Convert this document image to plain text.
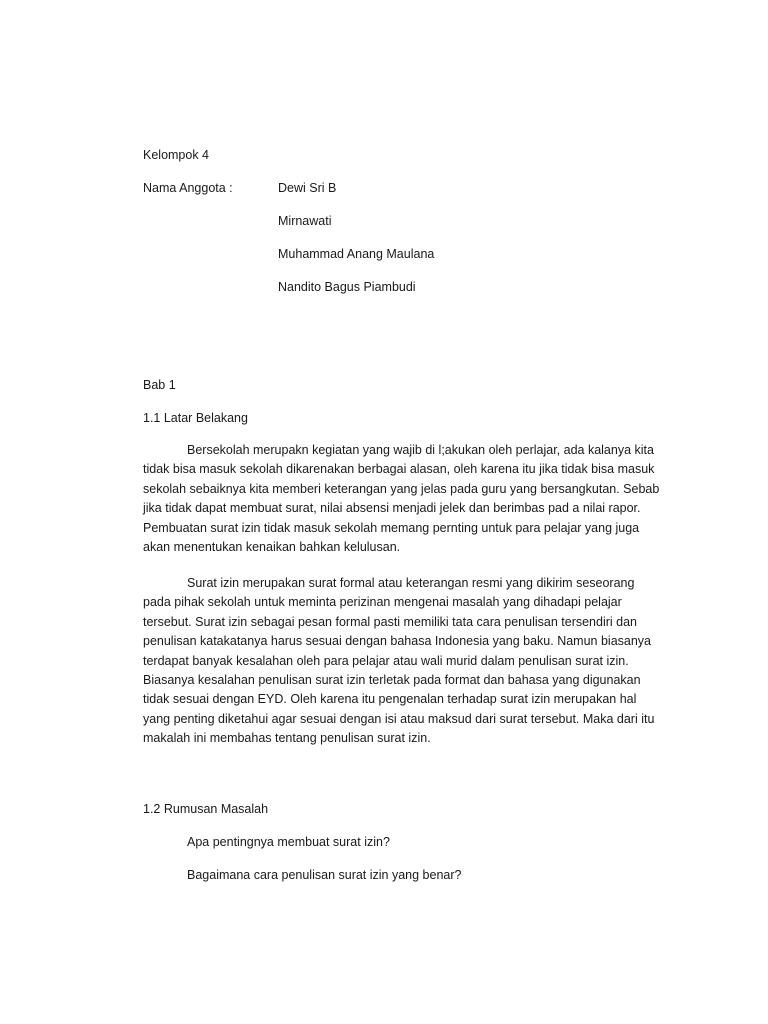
Kelompok 4
Nama Anggota :	Dewi Sri B
Mirnawati
Muhammad Anang Maulana
Nandito Bagus Piambudi
Bab 1
1.1 Latar Belakang
Bersekolah merupakn kegiatan yang wajib di l;akukan oleh perlajar, ada kalanya kita
tidak bisa masuk sekolah dikarenakan berbagai alasan, oleh karena itu jika tidak bisa masuk
sekolah sebaiknya kita memberi keterangan yang jelas pada guru yang bersangkutan. Sebab
jika tidak dapat membuat surat, nilai absensi menjadi jelek dan berimbas pad a nilai rapor.
Pembuatan surat izin tidak masuk sekolah memang pernting untuk para pelajar yang juga
akan menentukan kenaikan bahkan kelulusan.
Surat izin merupakan surat formal atau keterangan resmi yang dikirim seseorang
pada pihak sekolah untuk meminta perizinan mengenai masalah yang dihadapi pelajar
tersebut. Surat izin sebagai pesan formal pasti memiliki tata cara penulisan tersendiri dan
penulisan katakatanya harus sesuai dengan bahasa Indonesia yang baku. Namun biasanya
terdapat banyak kesalahan oleh para pelajar atau wali murid dalam penulisan surat izin.
Biasanya kesalahan penulisan surat izin terletak pada format dan bahasa yang digunakan
tidak sesuai dengan EYD. Oleh karena itu pengenalan terhadap surat izin merupakan hal
yang penting diketahui agar sesuai dengan isi atau maksud dari surat tersebut. Maka dari itu
makalah ini membahas tentang penulisan surat izin.
1.2 Rumusan Masalah
Apa pentingnya membuat surat izin?
Bagaimana cara penulisan surat izin yang benar?
